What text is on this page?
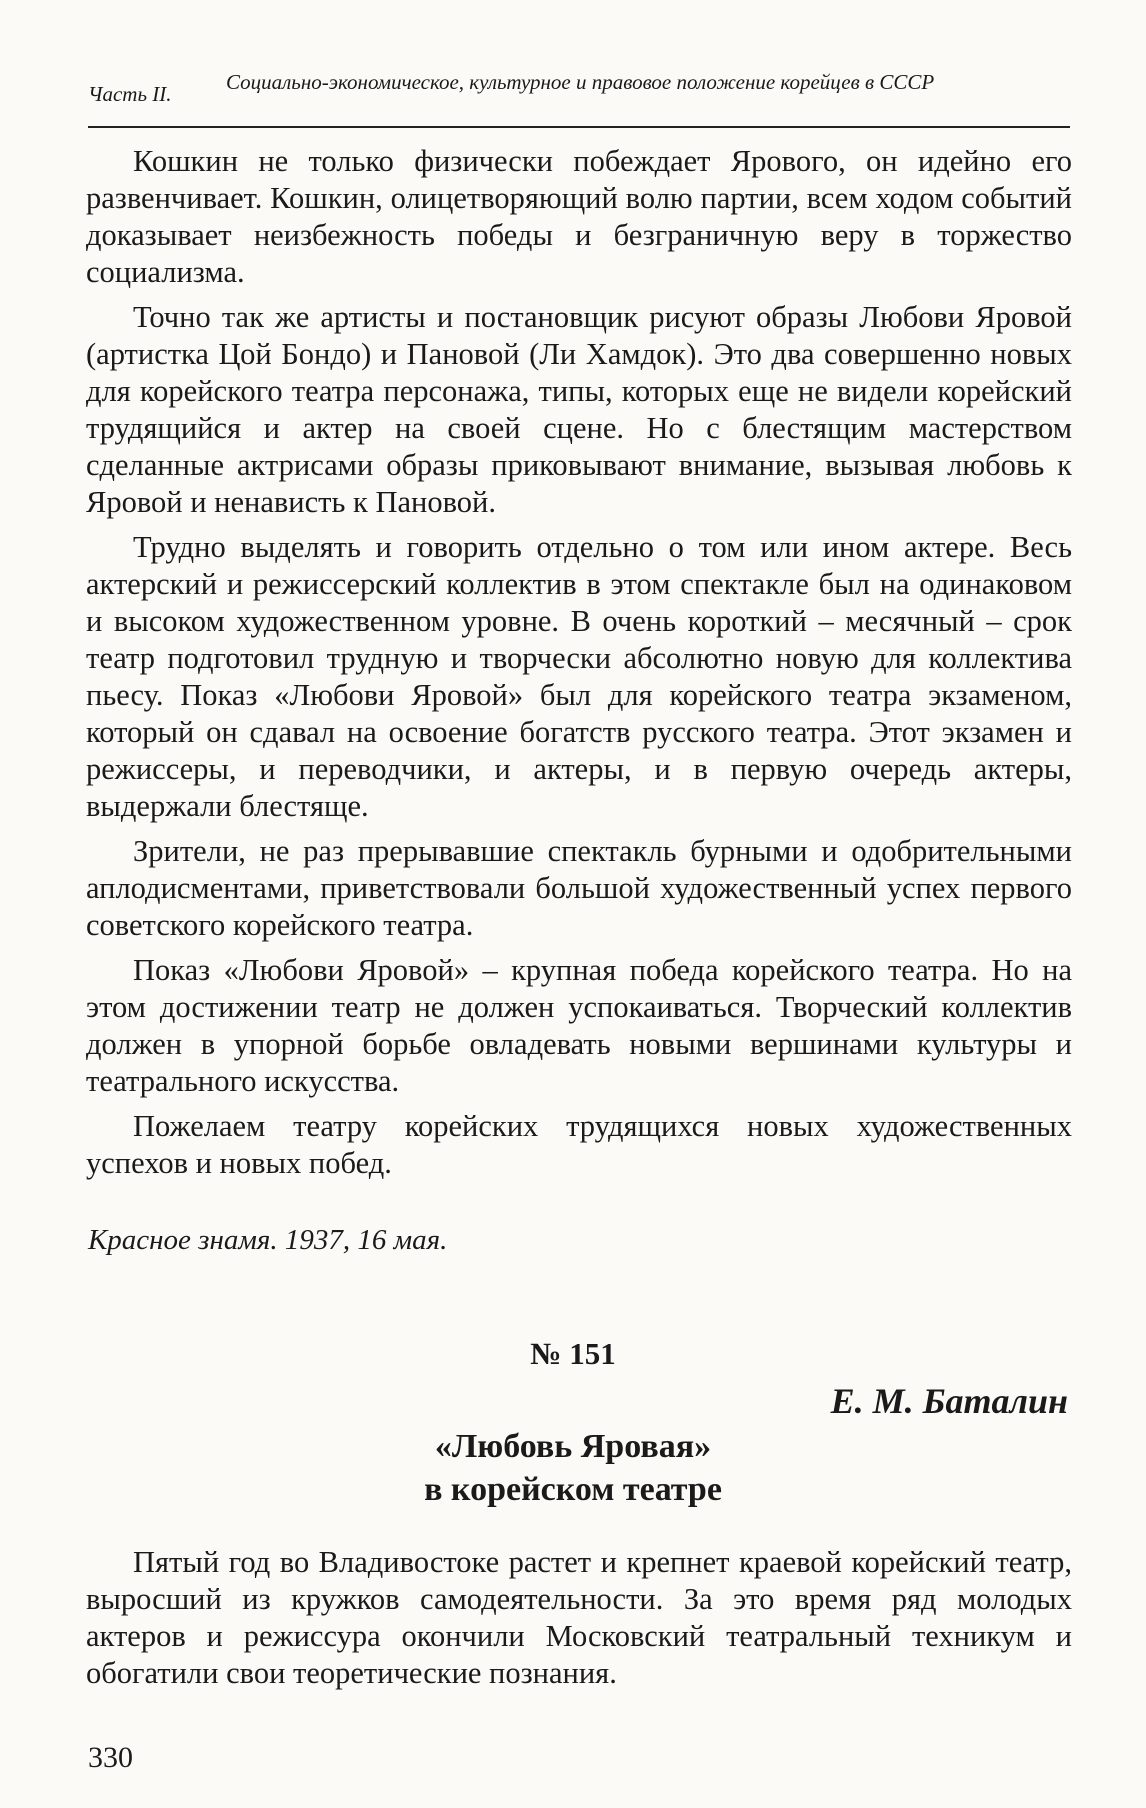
Часть II.	Социально-экономическое, культурное и правовое положение корейцев в СССР

Кошкин не только физически побеждает Ярового, он идейно его развенчивает. Кошкин, олицетворяющий волю партии, всем ходом событий доказывает неизбежность победы и безграничную веру в торжество социализма.

Точно так же артисты и постановщик рисуют образы Любови Яровой (артистка Цой Бондо) и Пановой (Ли Хамдок). Это два совершенно новых для корейского театра персонажа, типы, которых еще не видели корейский трудящийся и актер на своей сцене. Но с блестящим мастерством сделанные актрисами образы приковывают внимание, вызывая любовь к Яровой и ненависть к Пановой.

Трудно выделять и говорить отдельно о том или ином актере. Весь актерский и режиссерский коллектив в этом спектакле был на одинаковом и высоком художественном уровне. В очень короткий – месячный – срок театр подготовил трудную и творчески абсолютно новую для коллектива пьесу. Показ «Любови Яровой» был для корейского театра экзаменом, который он сдавал на освоение богатств русского театра. Этот экзамен и режиссеры, и переводчики, и актеры, и в первую очередь актеры, выдержали блестяще.

Зрители, не раз прерывавшие спектакль бурными и одобрительными аплодисментами, приветствовали большой художественный успех первого советского корейского театра.

Показ «Любови Яровой» – крупная победа корейского театра. Но на этом достижении театр не должен успокаиваться. Творческий коллектив должен в упорной борьбе овладевать новыми вершинами культуры и театрального искусства.

Пожелаем театру корейских трудящихся новых художественных успехов и новых побед.

Красное знамя. 1937, 16 мая.
№ 151
Е. М. Баталин
«Любовь Яровая»
в корейском театре

Пятый год во Владивостоке растет и крепнет краевой корейский театр, выросший из кружков самодеятельности. За это время ряд молодых актеров и режиссура окончили Московский театральный техникум и обогатили свои теоретические познания.

330
